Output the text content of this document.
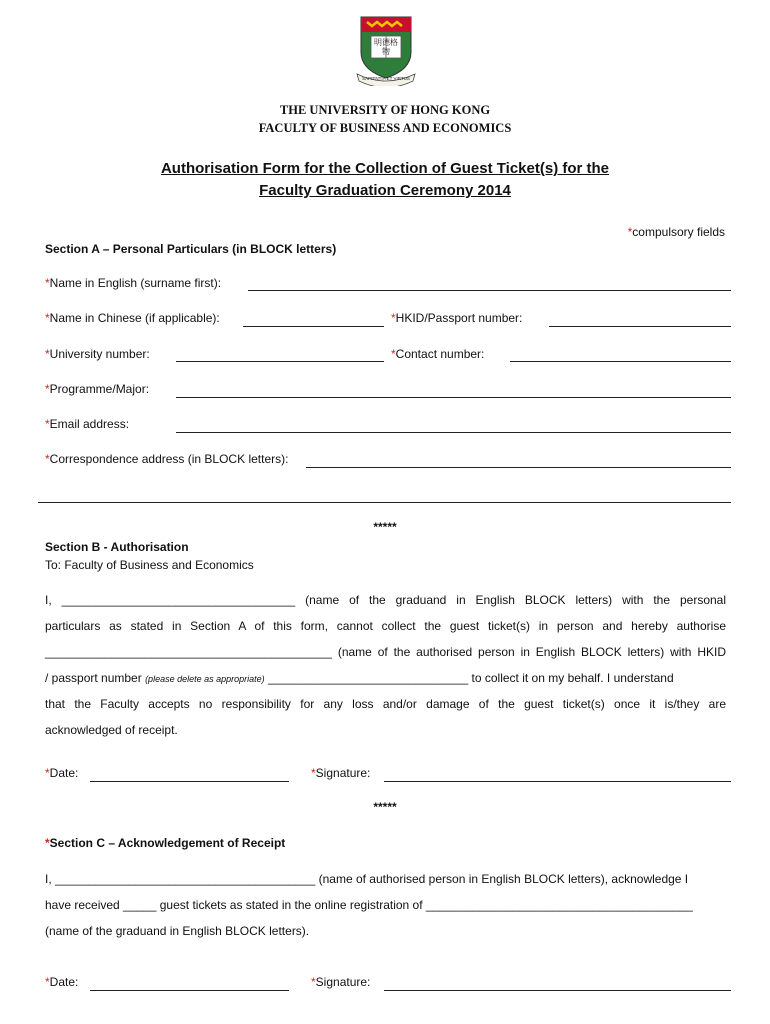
明德格物
SAPIENTIA ET VIRTUS
THE UNIVERSITY OF HONG KONG
FACULTY OF BUSINESS AND ECONOMICS
Authorisation Form for the Collection of Guest Ticket(s) for the
Faculty Graduation Ceremony 2014
*compulsory fields
Section A – Personal Particulars (in BLOCK letters)
*Name in English (surname first):
*Name in Chinese (if applicable):	*HKID/Passport number:
*University number:	*Contact number:
*Programme/Major:
*Email address:
*Correspondence address (in BLOCK letters):
*****
Section B - Authorisation
To: Faculty of Business and Economics
I, ___________________________________ (name of the graduand in English BLOCK letters) with the personal
particulars as stated in Section A of this form, cannot collect the guest ticket(s) in person and hereby authorise
___________________________________________ (name of the authorised person in English BLOCK letters) with HKID
/ passport number (please delete as appropriate) ______________________________ to collect it on my behalf. I understand
that the Faculty accepts no responsibility for any loss and/or damage of the guest ticket(s) once it is/they are
acknowledged of receipt.
*Date:	*Signature:
*****
*Section C – Acknowledgement of Receipt
I, _______________________________________ (name of authorised person in English BLOCK letters), acknowledge I
have received _____ guest tickets as stated in the online registration of ________________________________________
(name of the graduand in English BLOCK letters).
*Date:	*Signature:
